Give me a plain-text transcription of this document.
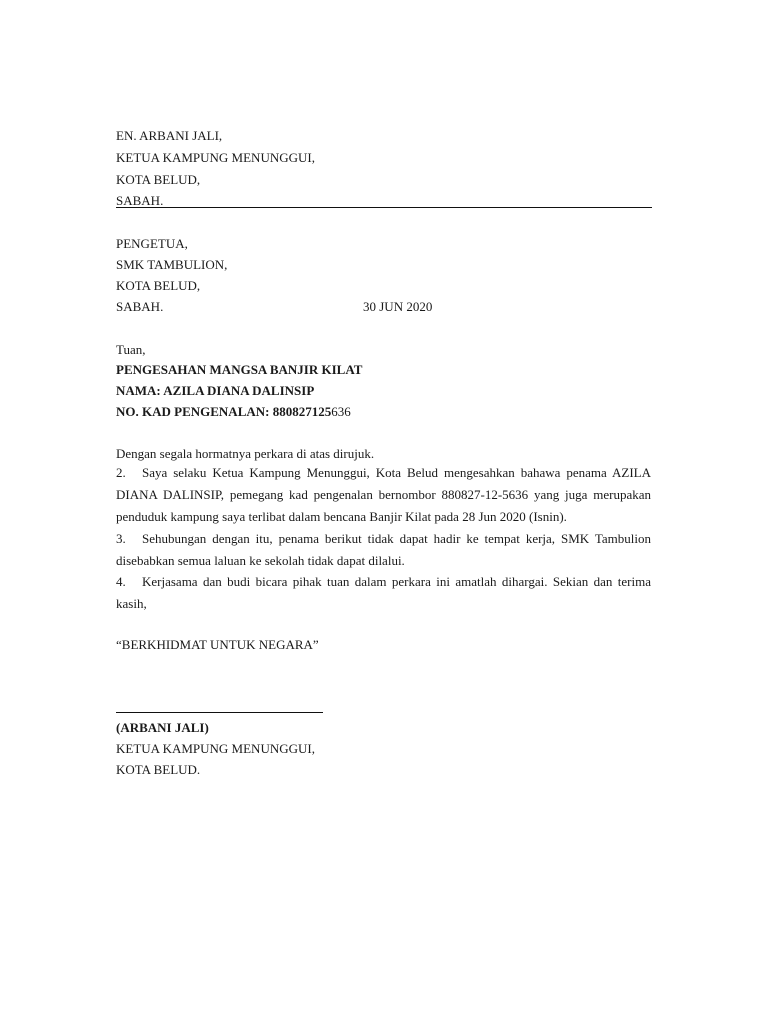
EN. ARBANI JALI,
KETUA KAMPUNG MENUNGGUI,
KOTA BELUD,
SABAH.
PENGETUA,
SMK TAMBULION,
KOTA BELUD,
SABAH.	30 JUN 2020
Tuan,
PENGESAHAN MANGSA BANJIR KILAT
NAMA: AZILA DIANA DALINSIP
NO. KAD PENGENALAN: 880827125636
Dengan segala hormatnya perkara di atas dirujuk.
2. Saya selaku Ketua Kampung Menunggui, Kota Belud mengesahkan bahawa penama AZILA DIANA DALINSIP, pemegang kad pengenalan bernombor 880827-12-5636 yang juga merupakan penduduk kampung saya terlibat dalam bencana Banjir Kilat pada 28 Jun 2020 (Isnin).
3. Sehubungan dengan itu, penama berikut tidak dapat hadir ke tempat kerja, SMK Tambulion disebabkan semua laluan ke sekolah tidak dapat dilalui.
4. Kerjasama dan budi bicara pihak tuan dalam perkara ini amatlah dihargai. Sekian dan terima kasih,
“BERKHIDMAT UNTUK NEGARA”
(ARBANI JALI)
KETUA KAMPUNG MENUNGGUI,
KOTA BELUD.
